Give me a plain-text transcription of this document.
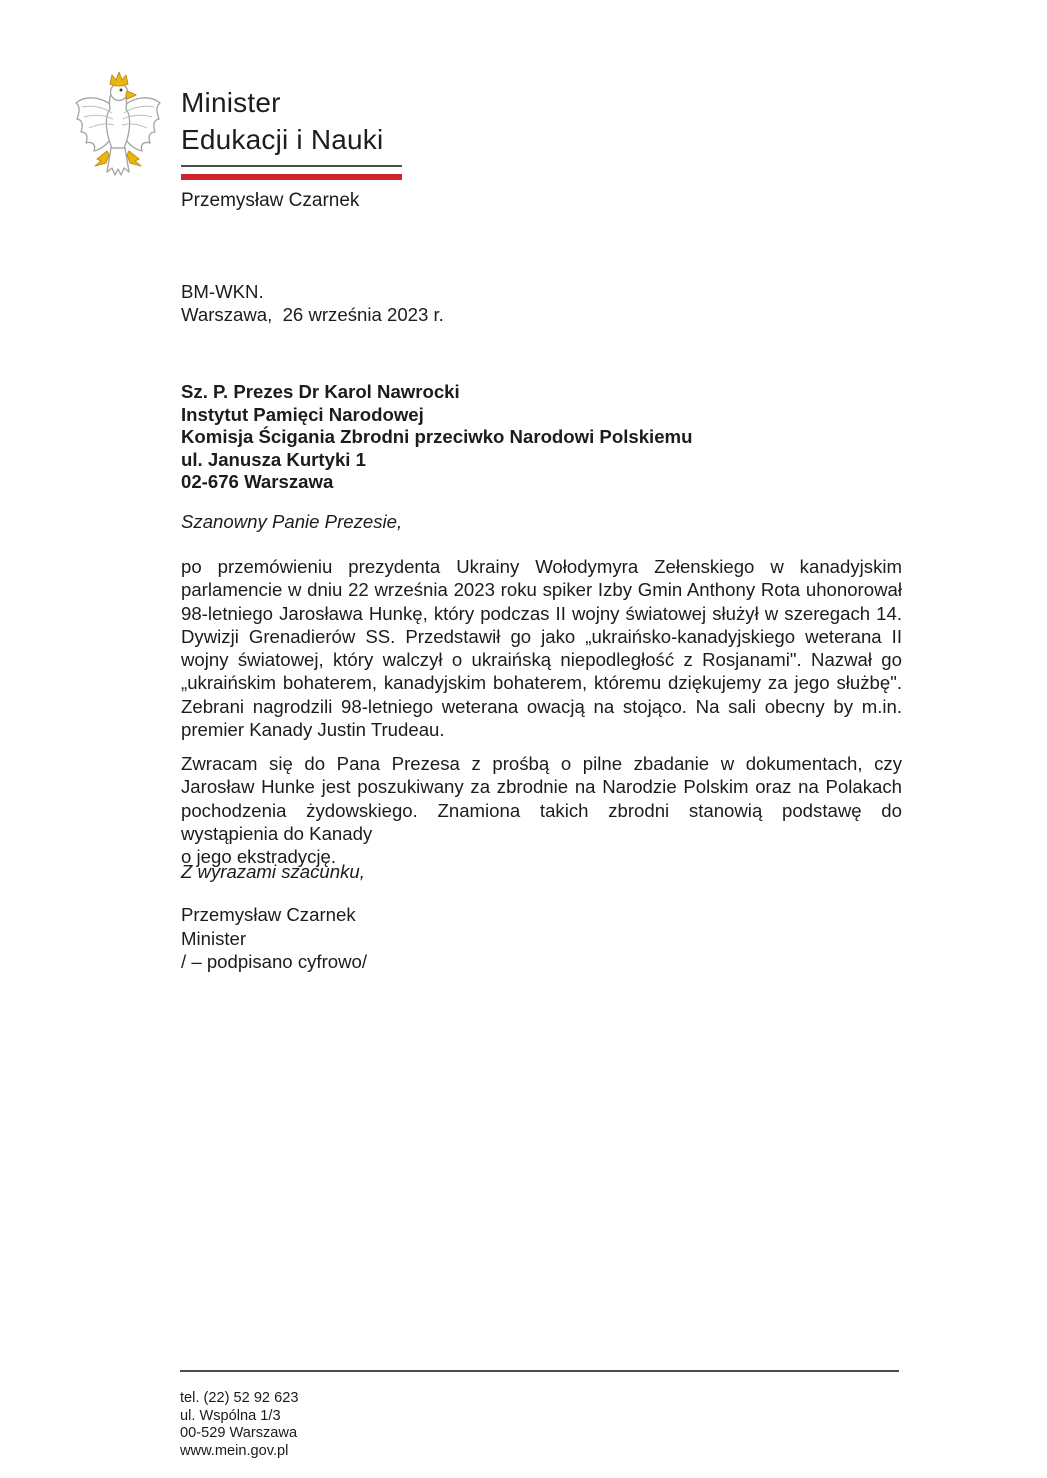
Minister
Edukacji i Nauki
Przemysław Czarnek
BM-WKN.
Warszawa,  26 września 2023 r.
Sz. P. Prezes Dr Karol Nawrocki
Instytut Pamięci Narodowej
Komisja Ścigania Zbrodni przeciwko Narodowi Polskiemu
ul. Janusza Kurtyki 1
02-676 Warszawa

Szanowny Panie Prezesie,

po przemówieniu prezydenta Ukrainy Wołodymyra Zełenskiego w kanadyjskim parlamencie w dniu 22 września 2023 roku spiker Izby Gmin Anthony Rota uhonorował 98-letniego Jarosława Hunkę, który podczas II wojny światowej służył w szeregach 14. Dywizji Grenadierów SS. Przedstawił go jako „ukraińsko-kanadyjskiego weterana II wojny światowej, który walczył o ukraińską niepodległość z Rosjanami". Nazwał go „ukraińskim bohaterem, kanadyjskim bohaterem, któremu dziękujemy za jego służbę". Zebrani nagrodzili 98-letniego weterana owacją na stojąco. Na sali obecny by m.in. premier Kanady Justin Trudeau.

Zwracam się do Pana Prezesa z prośbą o pilne zbadanie w dokumentach, czy Jarosław Hunke jest poszukiwany za zbrodnie na Narodzie Polskim oraz na Polakach pochodzenia żydowskiego. Znamiona takich zbrodni stanowią podstawę do wystąpienia do Kanady
o jego ekstradycję.

Z wyrazami szacunku,

Przemysław Czarnek
Minister
/ – podpisano cyfrowo/
tel. (22) 52 92 623
ul. Wspólna 1/3
00-529 Warszawa
www.mein.gov.pl
